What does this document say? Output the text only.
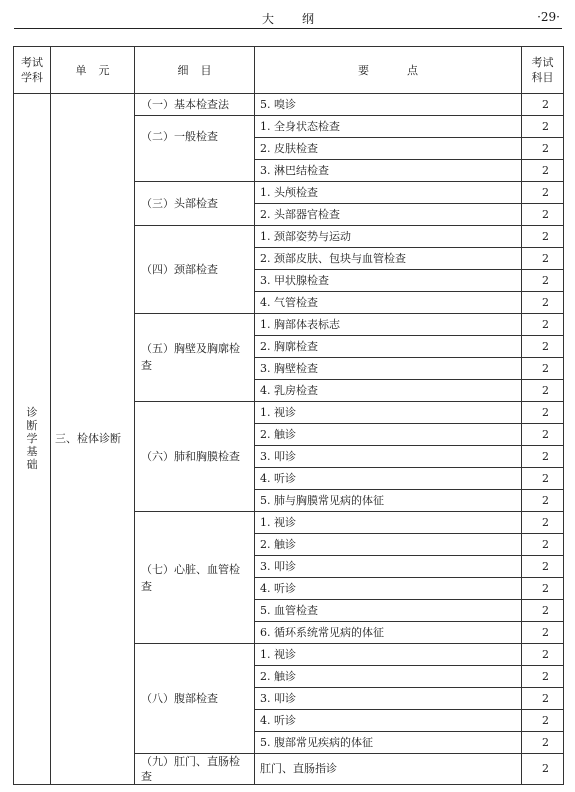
大纲	·29·
考试学科	单元	细目	要点	考试科目
诊断学基础	三、检体诊断	（一）基本检查法	5. 嗅诊	2
		（二）一般检查	1. 全身状态检查	2
			2. 皮肤检查	2
			3. 淋巴结检查	2
		（三）头部检查	1. 头颅检查	2
			2. 头部器官检查	2
		（四）颈部检查	1. 颈部姿势与运动	2
			2. 颈部皮肤、包块与血管检查	2
			3. 甲状腺检查	2
			4. 气管检查	2
		（五）胸壁及胸廓检查	1. 胸部体表标志	2
			2. 胸廓检查	2
			3. 胸壁检查	2
			4. 乳房检查	2
		（六）肺和胸膜检查	1. 视诊	2
			2. 触诊	2
			3. 叩诊	2
			4. 听诊	2
			5. 肺与胸膜常见病的体征	2
		（七）心脏、血管检查	1. 视诊	2
			2. 触诊	2
			3. 叩诊	2
			4. 听诊	2
			5. 血管检查	2
			6. 循环系统常见病的体征	2
		（八）腹部检查	1. 视诊	2
			2. 触诊	2
			3. 叩诊	2
			4. 听诊	2
			5. 腹部常见疾病的体征	2
		（九）肛门、直肠检查	肛门、直肠指诊	2
